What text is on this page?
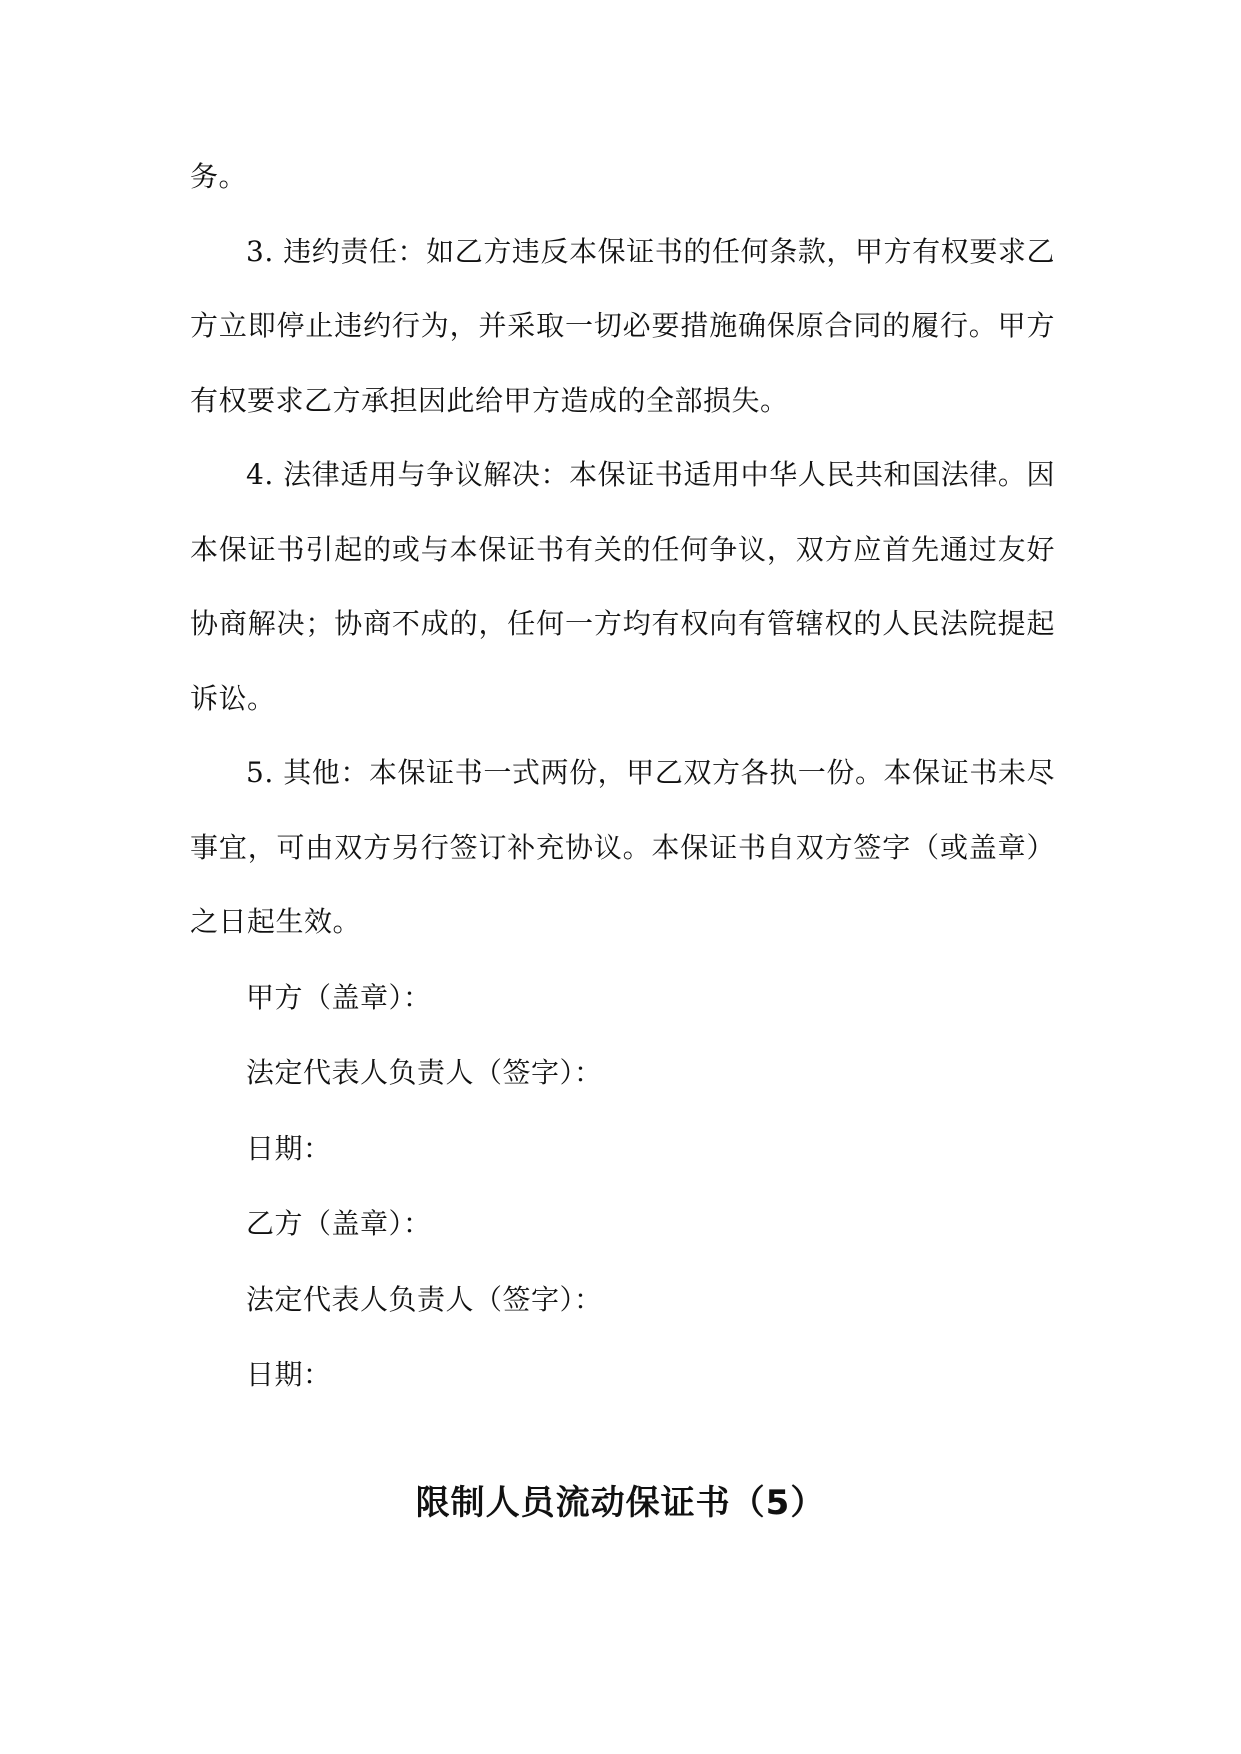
务。

3. 违约责任：如乙方违反本保证书的任何条款，甲方有权要求乙方立即停止违约行为，并采取一切必要措施确保原合同的履行。甲方有权要求乙方承担因此给甲方造成的全部损失。

4. 法律适用与争议解决：本保证书适用中华人民共和国法律。因本保证书引起的或与本保证书有关的任何争议，双方应首先通过友好协商解决；协商不成的，任何一方均有权向有管辖权的人民法院提起诉讼。

5. 其他：本保证书一式两份，甲乙双方各执一份。本保证书未尽事宜，可由双方另行签订补充协议。本保证书自双方签字（或盖章）之日起生效。

甲方（盖章）：

法定代表人负责人（签字）：

日期：

乙方（盖章）：

法定代表人负责人（签字）：

日期：

限制人员流动保证书（5）
